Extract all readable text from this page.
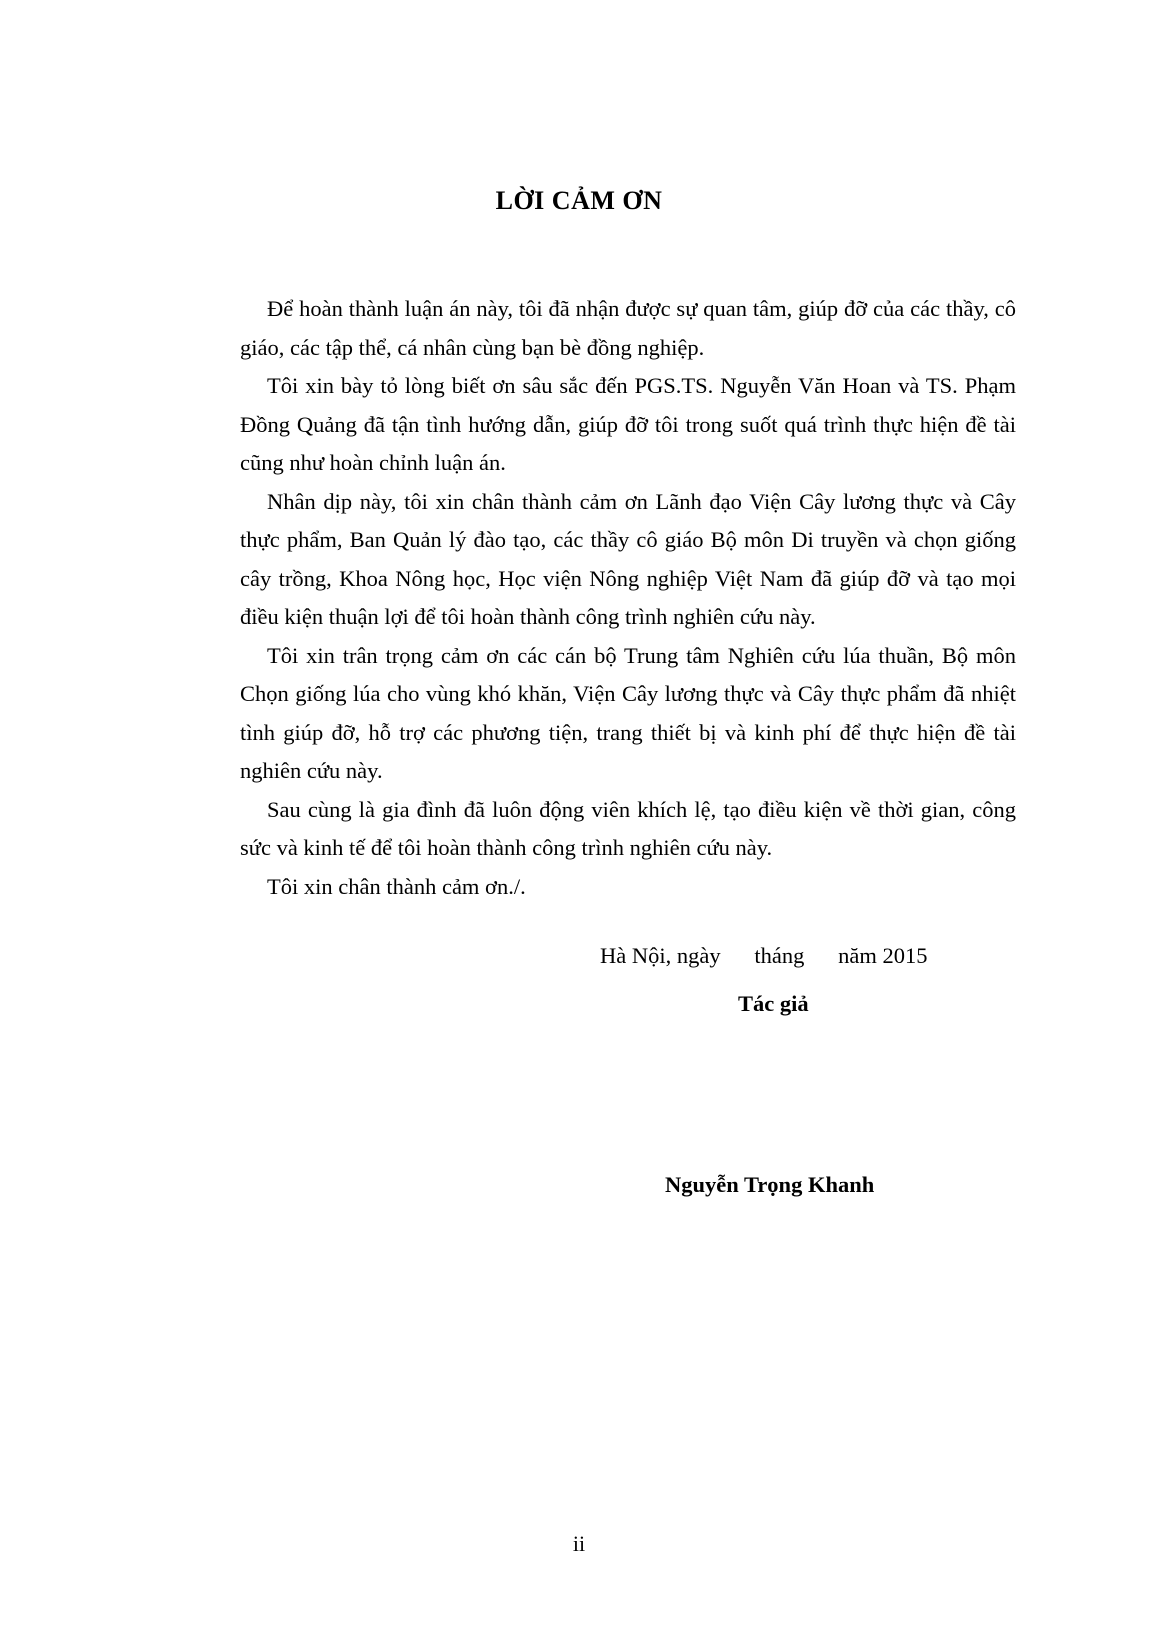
LỜI CẢM ƠN

Để hoàn thành luận án này, tôi đã nhận được sự quan tâm, giúp đỡ của các thầy, cô giáo, các tập thể, cá nhân cùng bạn bè đồng nghiệp.

Tôi xin bày tỏ lòng biết ơn sâu sắc đến PGS.TS. Nguyễn Văn Hoan và TS. Phạm Đồng Quảng đã tận tình hướng dẫn, giúp đỡ tôi trong suốt quá trình thực hiện đề tài cũng như hoàn chỉnh luận án.

Nhân dịp này, tôi xin chân thành cảm ơn Lãnh đạo Viện Cây lương thực và Cây thực phẩm, Ban Quản lý đào tạo, các thầy cô giáo Bộ môn Di truyền và chọn giống cây trồng, Khoa Nông học, Học viện Nông nghiệp Việt Nam đã giúp đỡ và tạo mọi điều kiện thuận lợi để tôi hoàn thành công trình nghiên cứu này.

Tôi xin trân trọng cảm ơn các cán bộ Trung tâm Nghiên cứu lúa thuần, Bộ môn Chọn giống lúa cho vùng khó khăn, Viện Cây lương thực và Cây thực phẩm đã nhiệt tình giúp đỡ, hỗ trợ các phương tiện, trang thiết bị và kinh phí để thực hiện đề tài nghiên cứu này.

Sau cùng là gia đình đã luôn động viên khích lệ, tạo điều kiện về thời gian, công sức và kinh tế để tôi hoàn thành công trình nghiên cứu này.

Tôi xin chân thành cảm ơn./.

Hà Nội, ngày      tháng      năm 2015
Tác giả
Nguyễn Trọng Khanh
ii
